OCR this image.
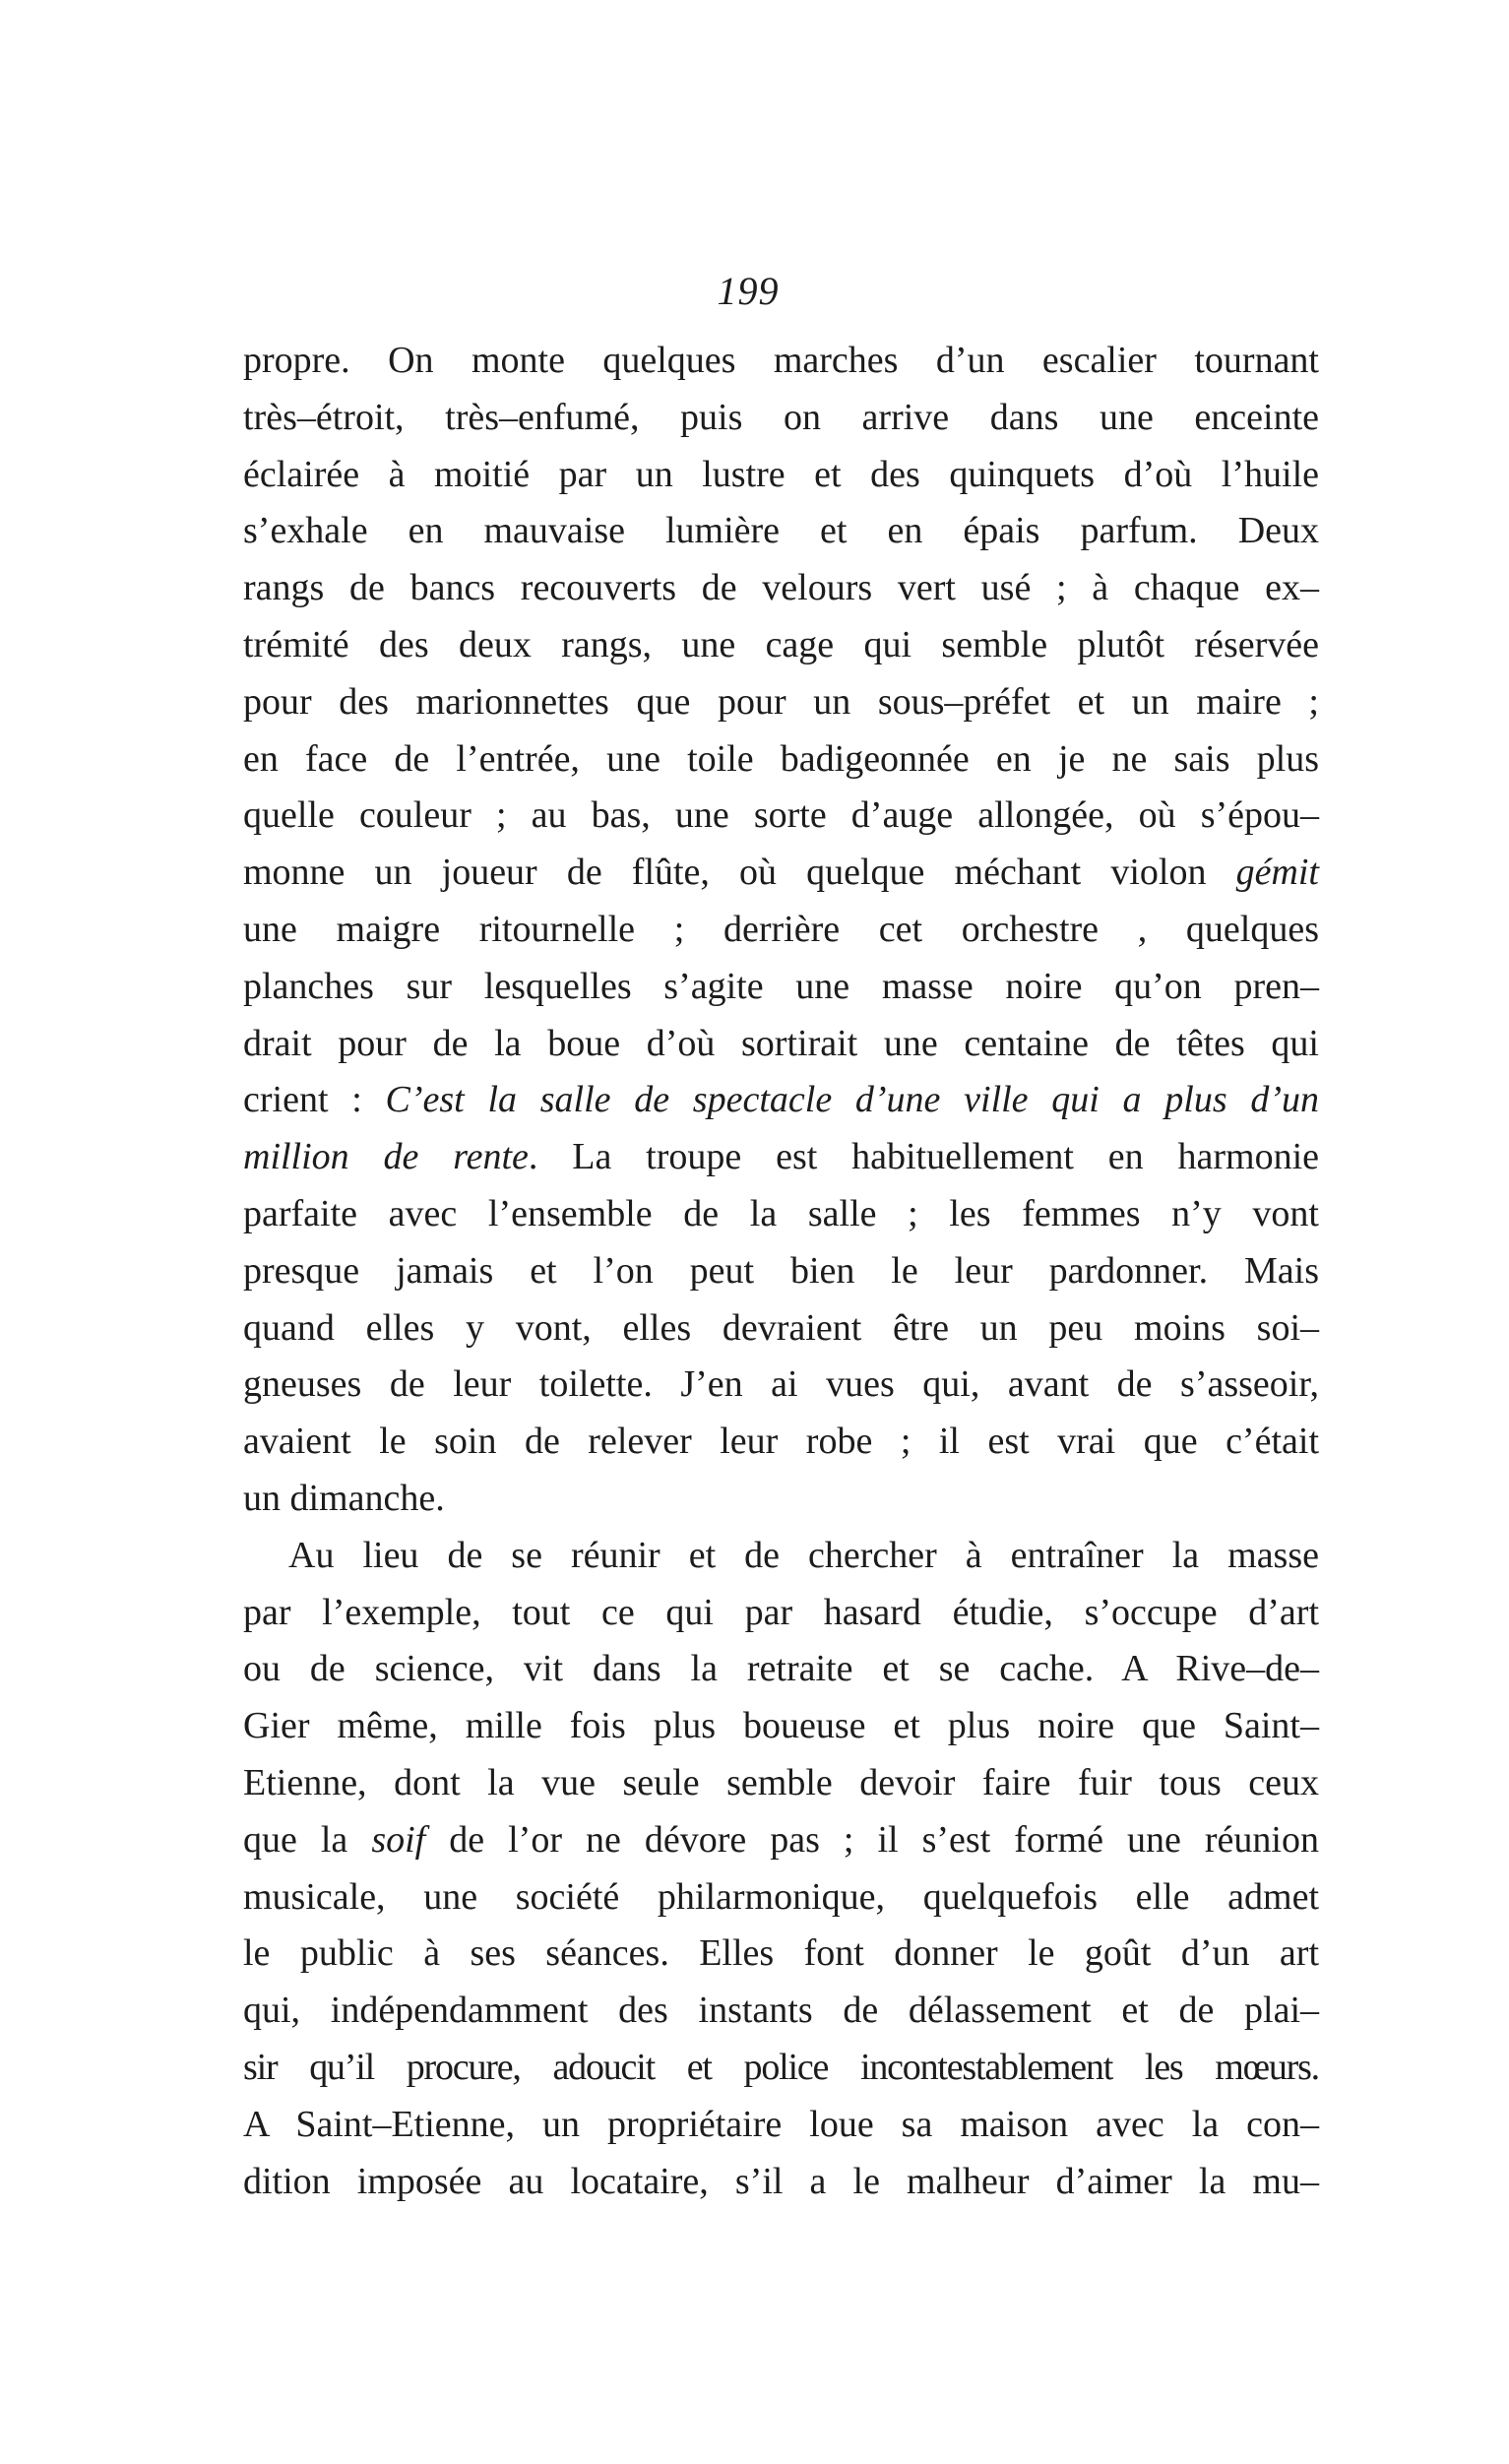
199
propre. On monte quelques marches d’un escalier tournant
très–étroit, très–enfumé, puis on arrive dans une enceinte
éclairée à moitié par un lustre et des quinquets d’où l’huile
s’exhale en mauvaise lumière et en épais parfum. Deux
rangs de bancs recouverts de velours vert usé ; à chaque ex–
trémité des deux rangs, une cage qui semble plutôt réservée
pour des marionnettes que pour un sous–préfet et un maire ;
en face de l’entrée, une toile badigeonnée en je ne sais plus
quelle couleur ; au bas, une sorte d’auge allongée, où s’épou–
monne un joueur de flûte, où quelque méchant violon gémit
une maigre ritournelle ; derrière cet orchestre , quelques
planches sur lesquelles s’agite une masse noire qu’on pren–
drait pour de la boue d’où sortirait une centaine de têtes qui
crient : C’est la salle de spectacle d’une ville qui a plus d’un
million de rente. La troupe est habituellement en harmonie
parfaite avec l’ensemble de la salle ; les femmes n’y vont
presque jamais et l’on peut bien le leur pardonner. Mais
quand elles y vont, elles devraient être un peu moins soi–
gneuses de leur toilette. J’en ai vues qui, avant de s’asseoir,
avaient le soin de relever leur robe ; il est vrai que c’était
un dimanche.
Au lieu de se réunir et de chercher à entraîner la masse
par l’exemple, tout ce qui par hasard étudie, s’occupe d’art
ou de science, vit dans la retraite et se cache. A Rive–de–
Gier même, mille fois plus boueuse et plus noire que Saint–
Etienne, dont la vue seule semble devoir faire fuir tous ceux
que la soif de l’or ne dévore pas ; il s’est formé une réunion
musicale, une société philarmonique, quelquefois elle admet
le public à ses séances. Elles font donner le goût d’un art
qui, indépendamment des instants de délassement et de plai–
sir qu’il procure, adoucit et police incontestablement les mœurs.
A Saint–Etienne, un propriétaire loue sa maison avec la con–
dition imposée au locataire, s’il a le malheur d’aimer la mu–
